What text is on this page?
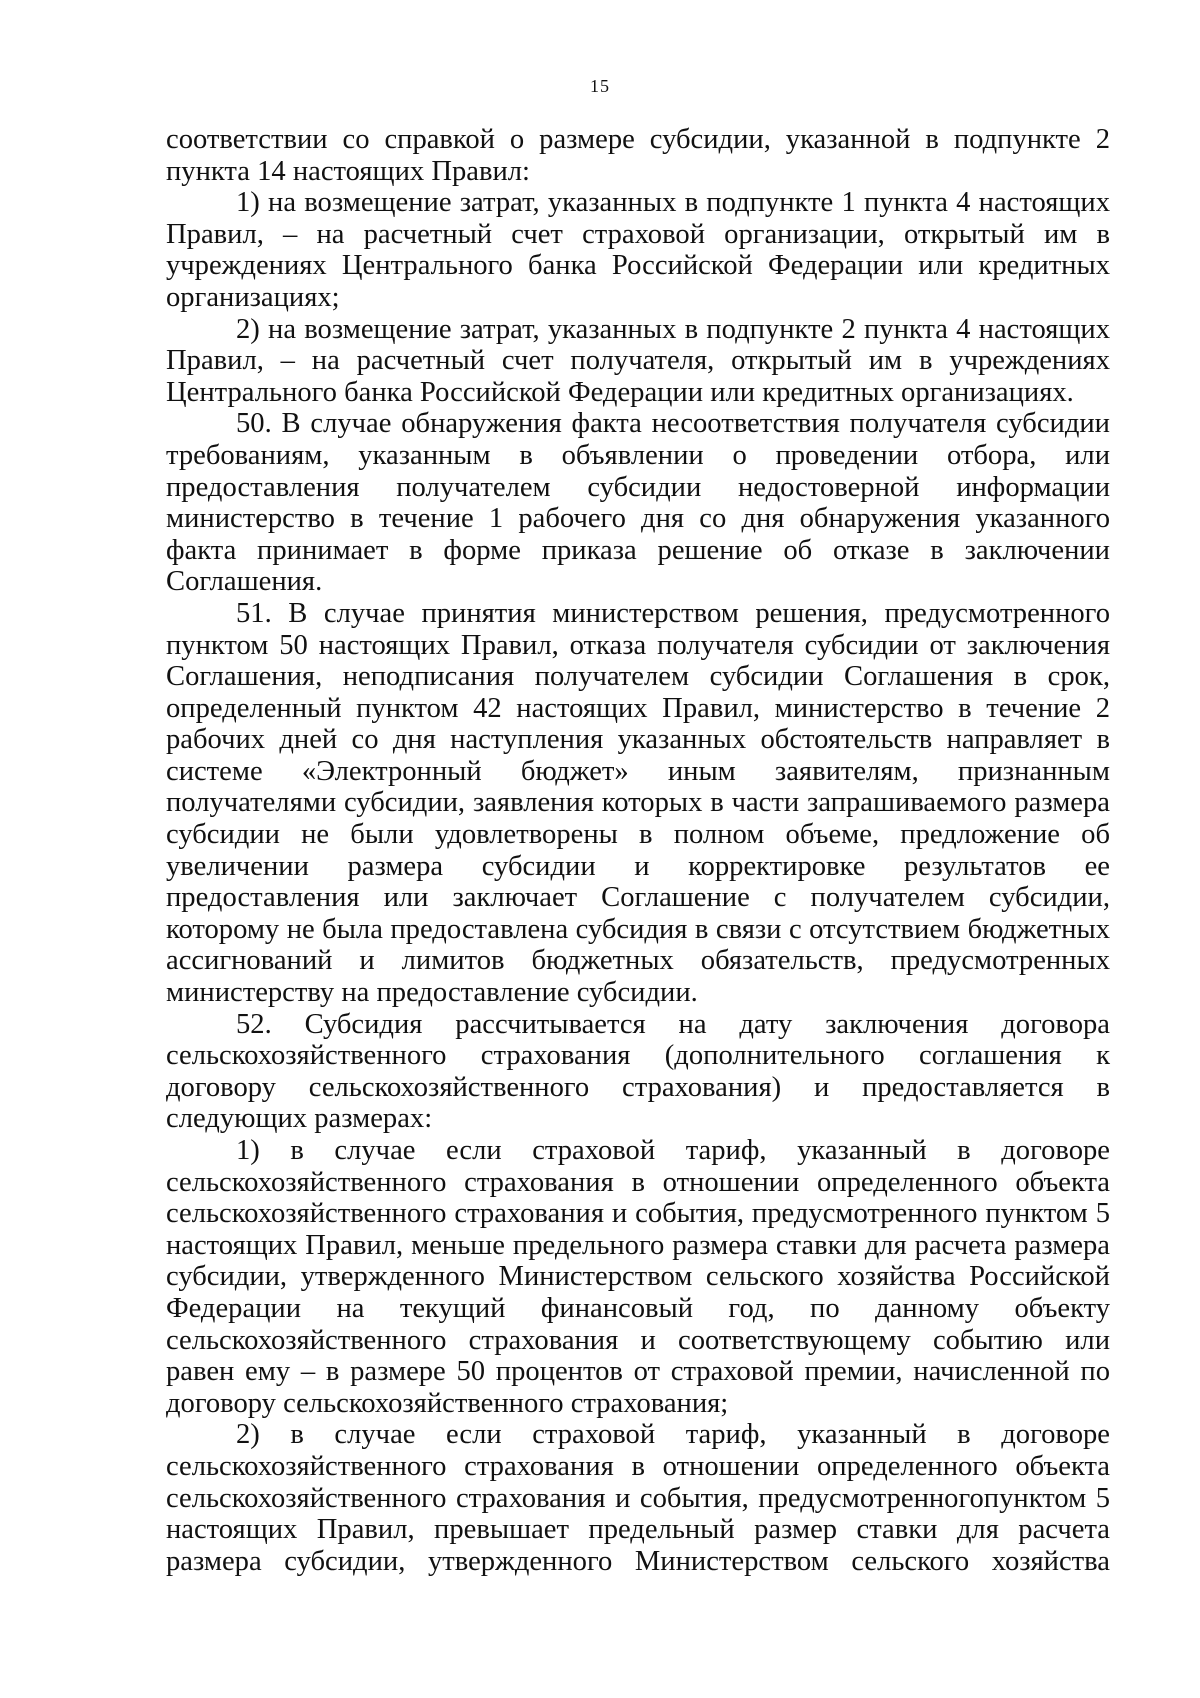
15

соответствии со справкой о размере субсидии, указанной в подпункте 2 пункта 14 настоящих Правил:

1) на возмещение затрат, указанных в подпункте 1 пункта 4 настоящих Правил, – на расчетный счет страховой организации, открытый им в учреждениях Центрального банка Российской Федерации или кредитных организациях;

2) на возмещение затрат, указанных в подпункте 2 пункта 4 настоящих Правил, – на расчетный счет получателя, открытый им в учреждениях Центрального банка Российской Федерации или кредитных организациях.

50. В случае обнаружения факта несоответствия получателя субсидии требованиям, указанным в объявлении о проведении отбора, или предоставления получателем субсидии недостоверной информации министерство в течение 1 рабочего дня со дня обнаружения указанного факта принимает в форме приказа решение об отказе в заключении Соглашения.

51. В случае принятия министерством решения, предусмотренного пунктом 50 настоящих Правил, отказа получателя субсидии от заключения Соглашения, неподписания получателем субсидии Соглашения в срок, определенный пунктом 42 настоящих Правил, министерство в течение 2 рабочих дней со дня наступления указанных обстоятельств направляет в системе «Электронный бюджет» иным заявителям, признанным получателями субсидии, заявления которых в части запрашиваемого размера субсидии не были удовлетворены в полном объеме, предложение об увеличении размера субсидии и корректировке результатов ее предоставления или заключает Соглашение с получателем субсидии, которому не была предоставлена субсидия в связи с отсутствием бюджетных ассигнований и лимитов бюджетных обязательств, предусмотренных министерству на предоставление субсидии.

52. Субсидия рассчитывается на дату заключения договора сельскохозяйственного страхования (дополнительного соглашения к договору сельскохозяйственного страхования) и предоставляется в следующих размерах:

1) в случае если страховой тариф, указанный в договоре сельскохозяйственного страхования в отношении определенного объекта сельскохозяйственного страхования и события, предусмотренного пунктом 5 настоящих Правил, меньше предельного размера ставки для расчета размера субсидии, утвержденного Министерством сельского хозяйства Российской Федерации на текущий финансовый год, по данному объекту сельскохозяйственного страхования и соответствующему событию или равен ему – в размере 50 процентов от страховой премии, начисленной по договору сельскохозяйственного страхования;

2) в случае если страховой тариф, указанный в договоре сельскохозяйственного страхования в отношении определенного объекта сельскохозяйственного страхования и события, предусмотренногопунктом 5 настоящих Правил, превышает предельный размер ставки для расчета размера субсидии, утвержденного Министерством сельского хозяйства
